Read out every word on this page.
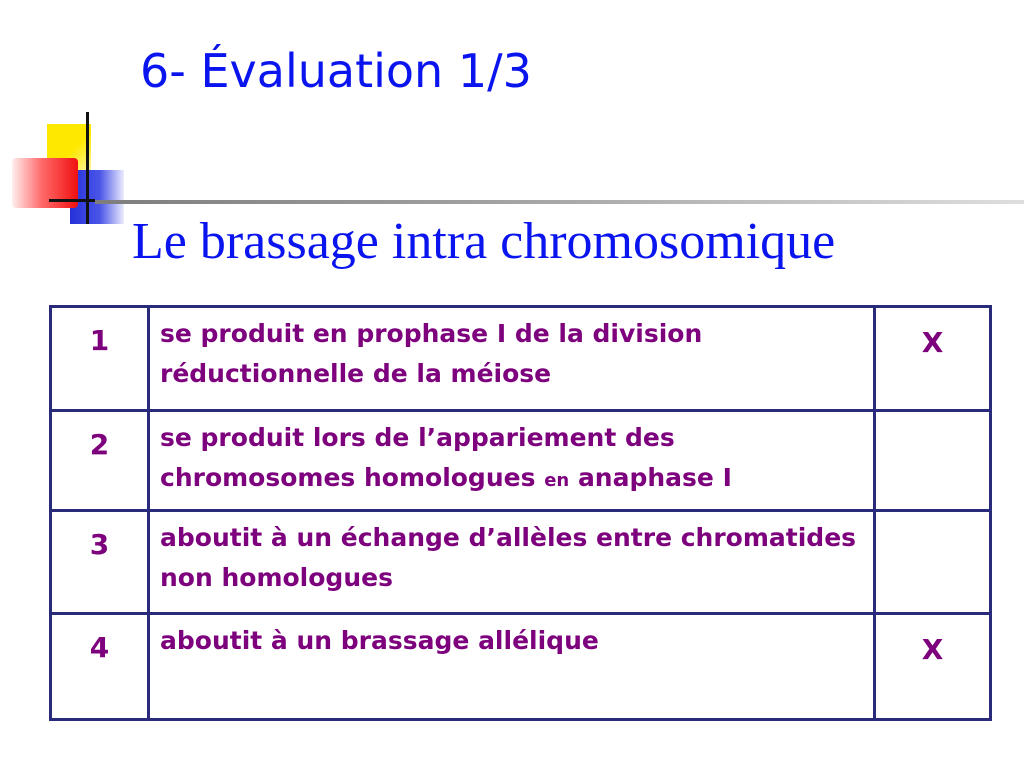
6- Évaluation 1/3
Le brassage intra chromosomique
1	se produit en prophase I de la division réductionnelle de la méiose	X
2	se produit lors de l’appariement des chromosomes homologues en anaphase I	
3	aboutit à un échange d’allèles entre chromatides non homologues	
4	aboutit à un brassage allélique	X
